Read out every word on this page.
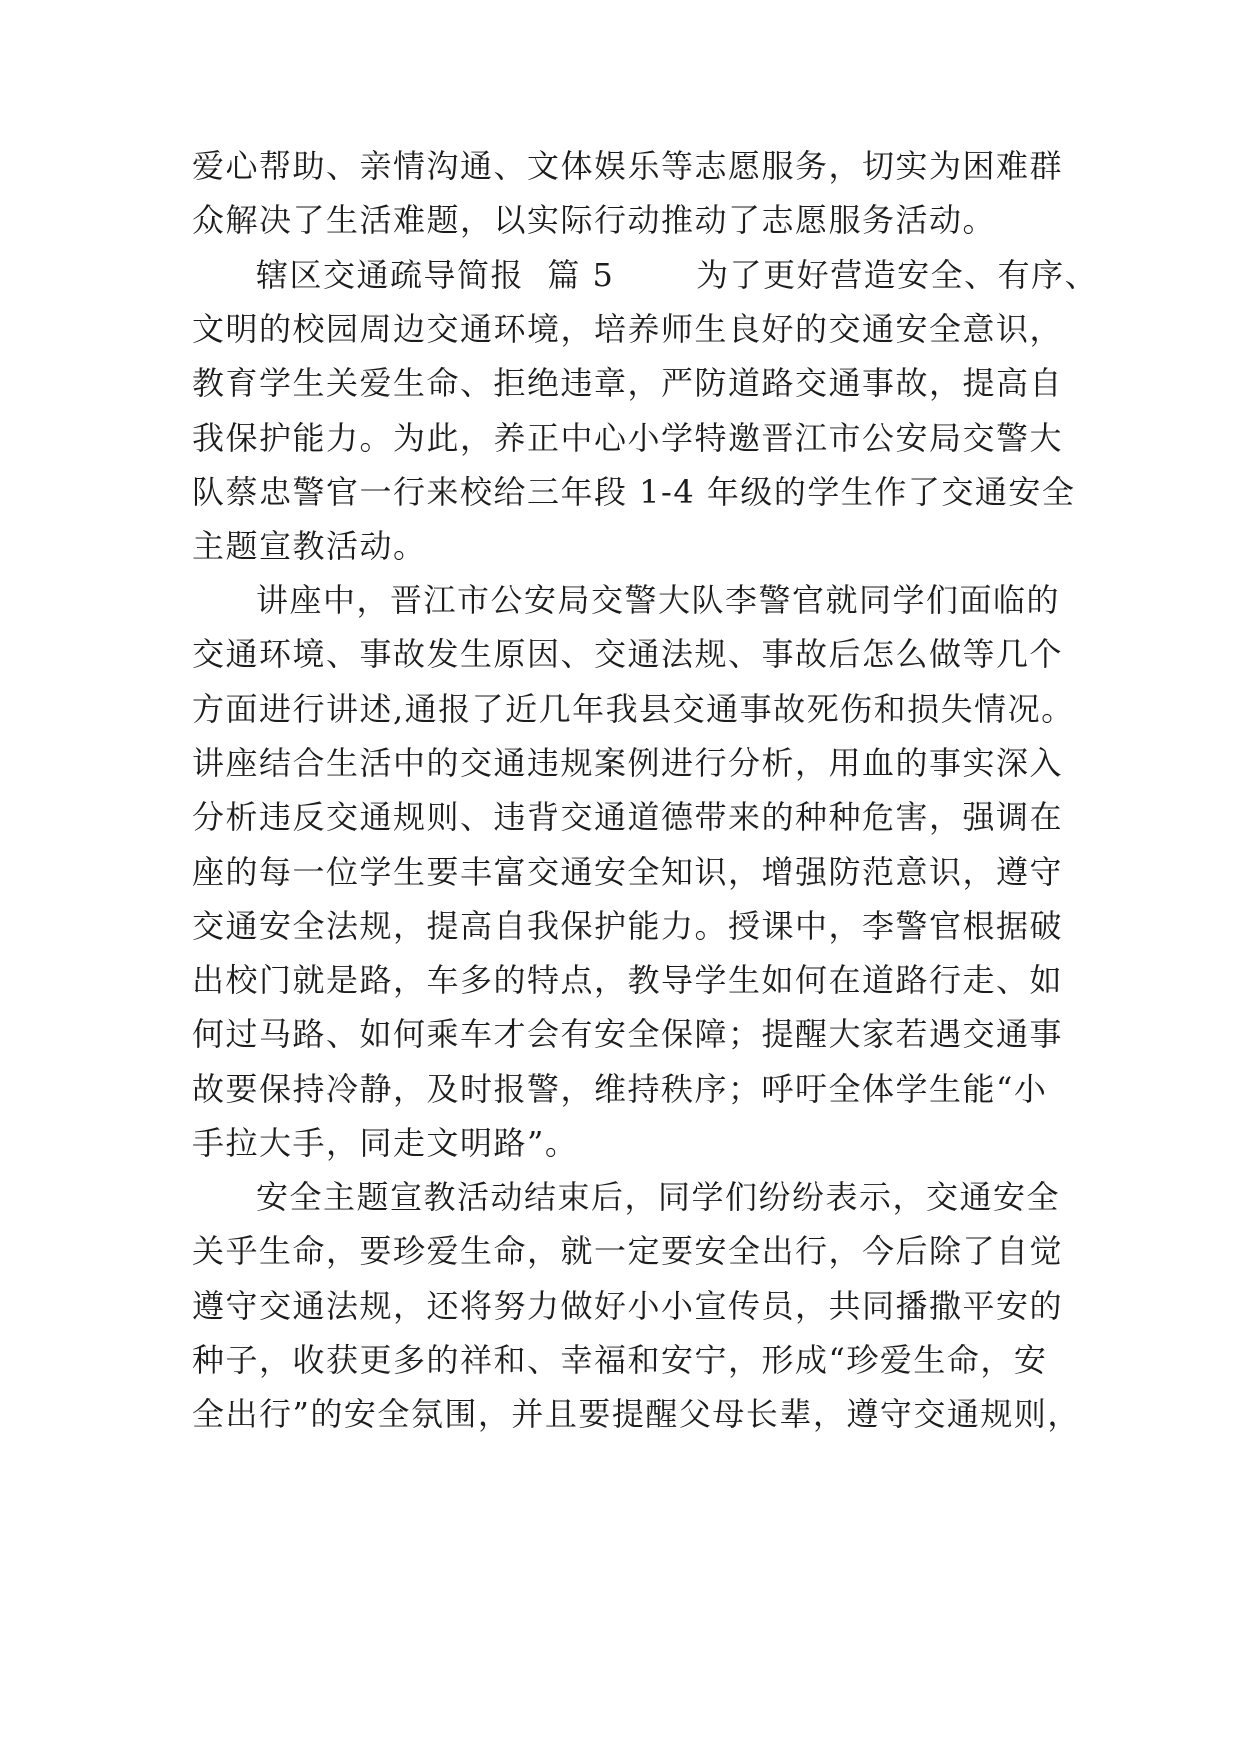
爱心帮助、亲情沟通、文体娱乐等志愿服务，切实为困难群
众解决了生活难题，以实际行动推动了志愿服务活动。
辖区交通疏导简报  篇 5       为了更好营造安全、有序、
文明的校园周边交通环境，培养师生良好的交通安全意识，
教育学生关爱生命、拒绝违章，严防道路交通事故，提高自
我保护能力。为此，养正中心小学特邀晋江市公安局交警大
队蔡忠警官一行来校给三年段 1-4 年级的学生作了交通安全
主题宣教活动。
讲座中，晋江市公安局交警大队李警官就同学们面临的
交通环境、事故发生原因、交通法规、事故后怎么做等几个
方面进行讲述,通报了近几年我县交通事故死伤和损失情况。
讲座结合生活中的交通违规案例进行分析，用血的事实深入
分析违反交通规则、违背交通道德带来的种种危害，强调在
座的每一位学生要丰富交通安全知识，增强防范意识，遵守
交通安全法规，提高自我保护能力。授课中，李警官根据破
出校门就是路，车多的特点，教导学生如何在道路行走、如
何过马路、如何乘车才会有安全保障；提醒大家若遇交通事
故要保持冷静，及时报警，维持秩序；呼吁全体学生能“小
手拉大手，同走文明路”。
安全主题宣教活动结束后，同学们纷纷表示，交通安全
关乎生命，要珍爱生命，就一定要安全出行，今后除了自觉
遵守交通法规，还将努力做好小小宣传员，共同播撒平安的
种子，收获更多的祥和、幸福和安宁，形成“珍爱生命，安
全出行”的安全氛围，并且要提醒父母长辈，遵守交通规则，
